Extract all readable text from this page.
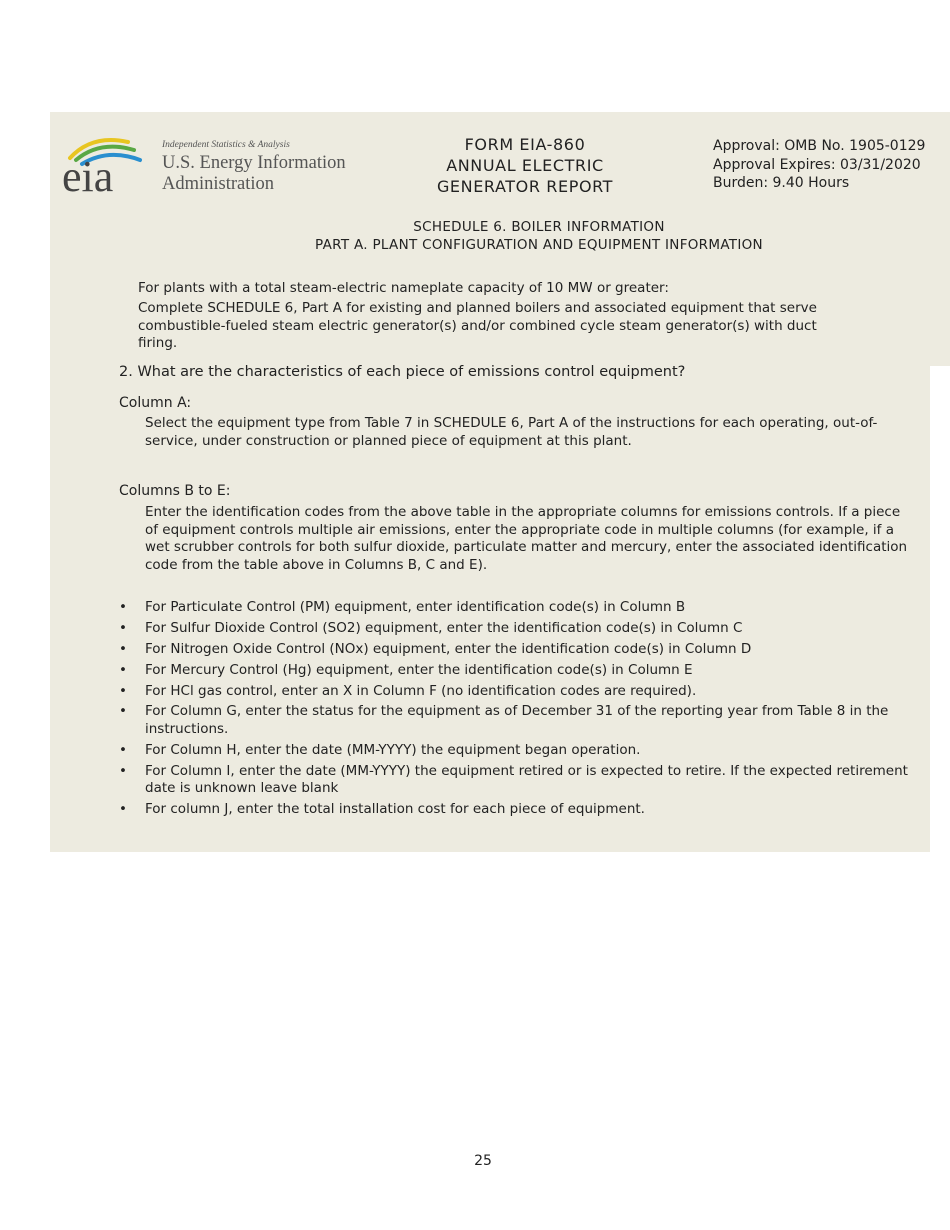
eia
Independent Statistics & Analysis
U.S. Energy Information
Administration
FORM EIA-860
ANNUAL ELECTRIC
GENERATOR REPORT
Approval: OMB No. 1905-0129
Approval Expires: 03/31/2020
Burden: 9.40 Hours
SCHEDULE 6. BOILER INFORMATION
PART A. PLANT CONFIGURATION AND EQUIPMENT INFORMATION

For plants with a total steam-electric nameplate capacity of 10 MW or greater:

Complete SCHEDULE 6, Part A for existing and planned boilers and associated equipment that serve combustible-fueled steam electric generator(s) and/or combined cycle steam generator(s) with duct firing.

2. What are the characteristics of each piece of emissions control equipment?
Column A:
Select the equipment type from Table 7 in SCHEDULE 6, Part A of the instructions for each operating, out-of-service, under construction or planned piece of equipment at this plant.
Columns B to E:
Enter the identification codes from the above table in the appropriate columns for emissions controls. If a piece of equipment controls multiple air emissions, enter the appropriate code in multiple columns (for example, if a wet scrubber controls for both sulfur dioxide, particulate matter and mercury, enter the associated identification code from the table above in Columns B, C and E).
• For Particulate Control (PM) equipment, enter identification code(s) in Column B
• For Sulfur Dioxide Control (SO2) equipment, enter the identification code(s) in Column C
• For Nitrogen Oxide Control (NOx) equipment, enter the identification code(s) in Column D
• For Mercury Control (Hg) equipment, enter the identification code(s) in Column E
• For HCl gas control, enter an X in Column F (no identification codes are required).
• For Column G, enter the status for the equipment as of December 31 of the reporting year from Table 8 in the instructions.
• For Column H, enter the date (MM-YYYY) the equipment began operation.
• For Column I, enter the date (MM-YYYY) the equipment retired or is expected to retire. If the expected retirement date is unknown leave blank
• For column J, enter the total installation cost for each piece of equipment.
25
